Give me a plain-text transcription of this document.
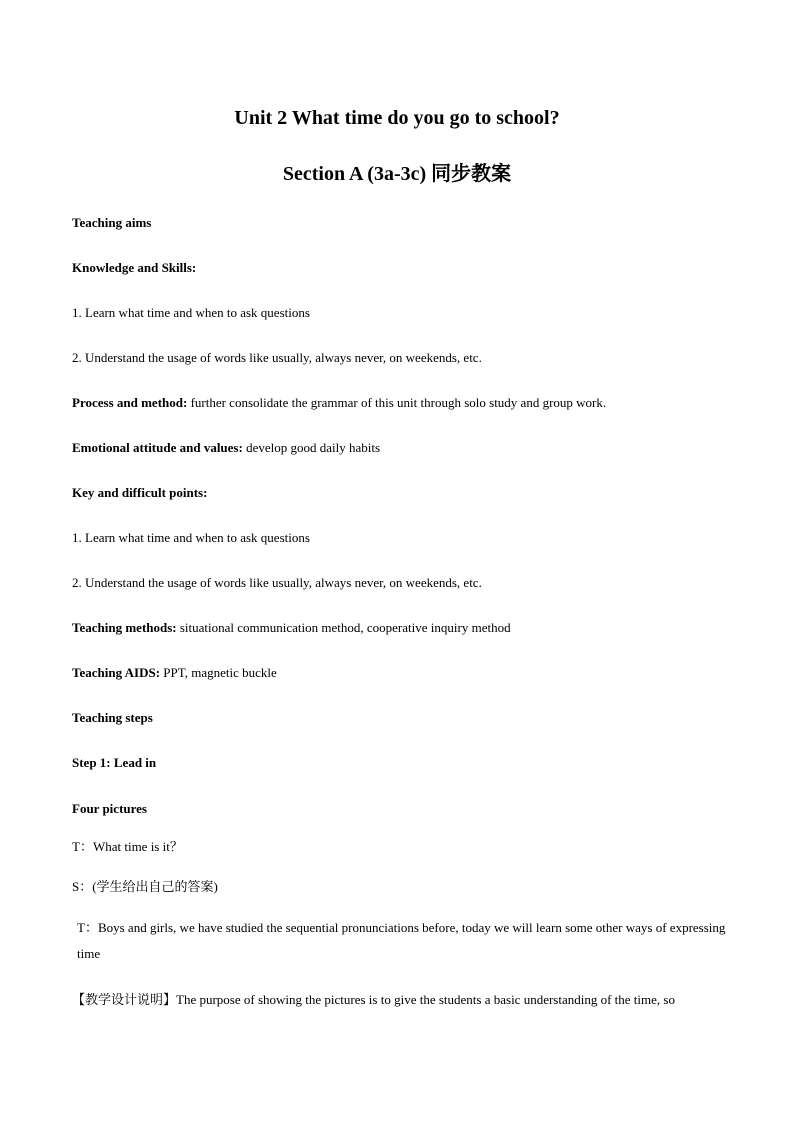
Unit 2 What time do you go to school?
Section A (3a-3c) 同步教案
Teaching aims
Knowledge and Skills:
1. Learn what time and when to ask questions
2. Understand the usage of words like usually, always never, on weekends, etc.
Process and method: further consolidate the grammar of this unit through solo study and group work.
Emotional attitude and values: develop good daily habits
Key and difficult points:
1. Learn what time and when to ask questions
2. Understand the usage of words like usually, always never, on weekends, etc.
Teaching methods: situational communication method, cooperative inquiry method
Teaching AIDS: PPT, magnetic buckle
Teaching steps
Step 1: Lead in
Four pictures
T：What time is it？
S：(学生给出自己的答案)
T：Boys and girls, we have studied the sequential pronunciations before, today we will learn some other ways of expressing time
【教学设计说明】The purpose of showing the pictures is to give the students a basic understanding of the time, so
